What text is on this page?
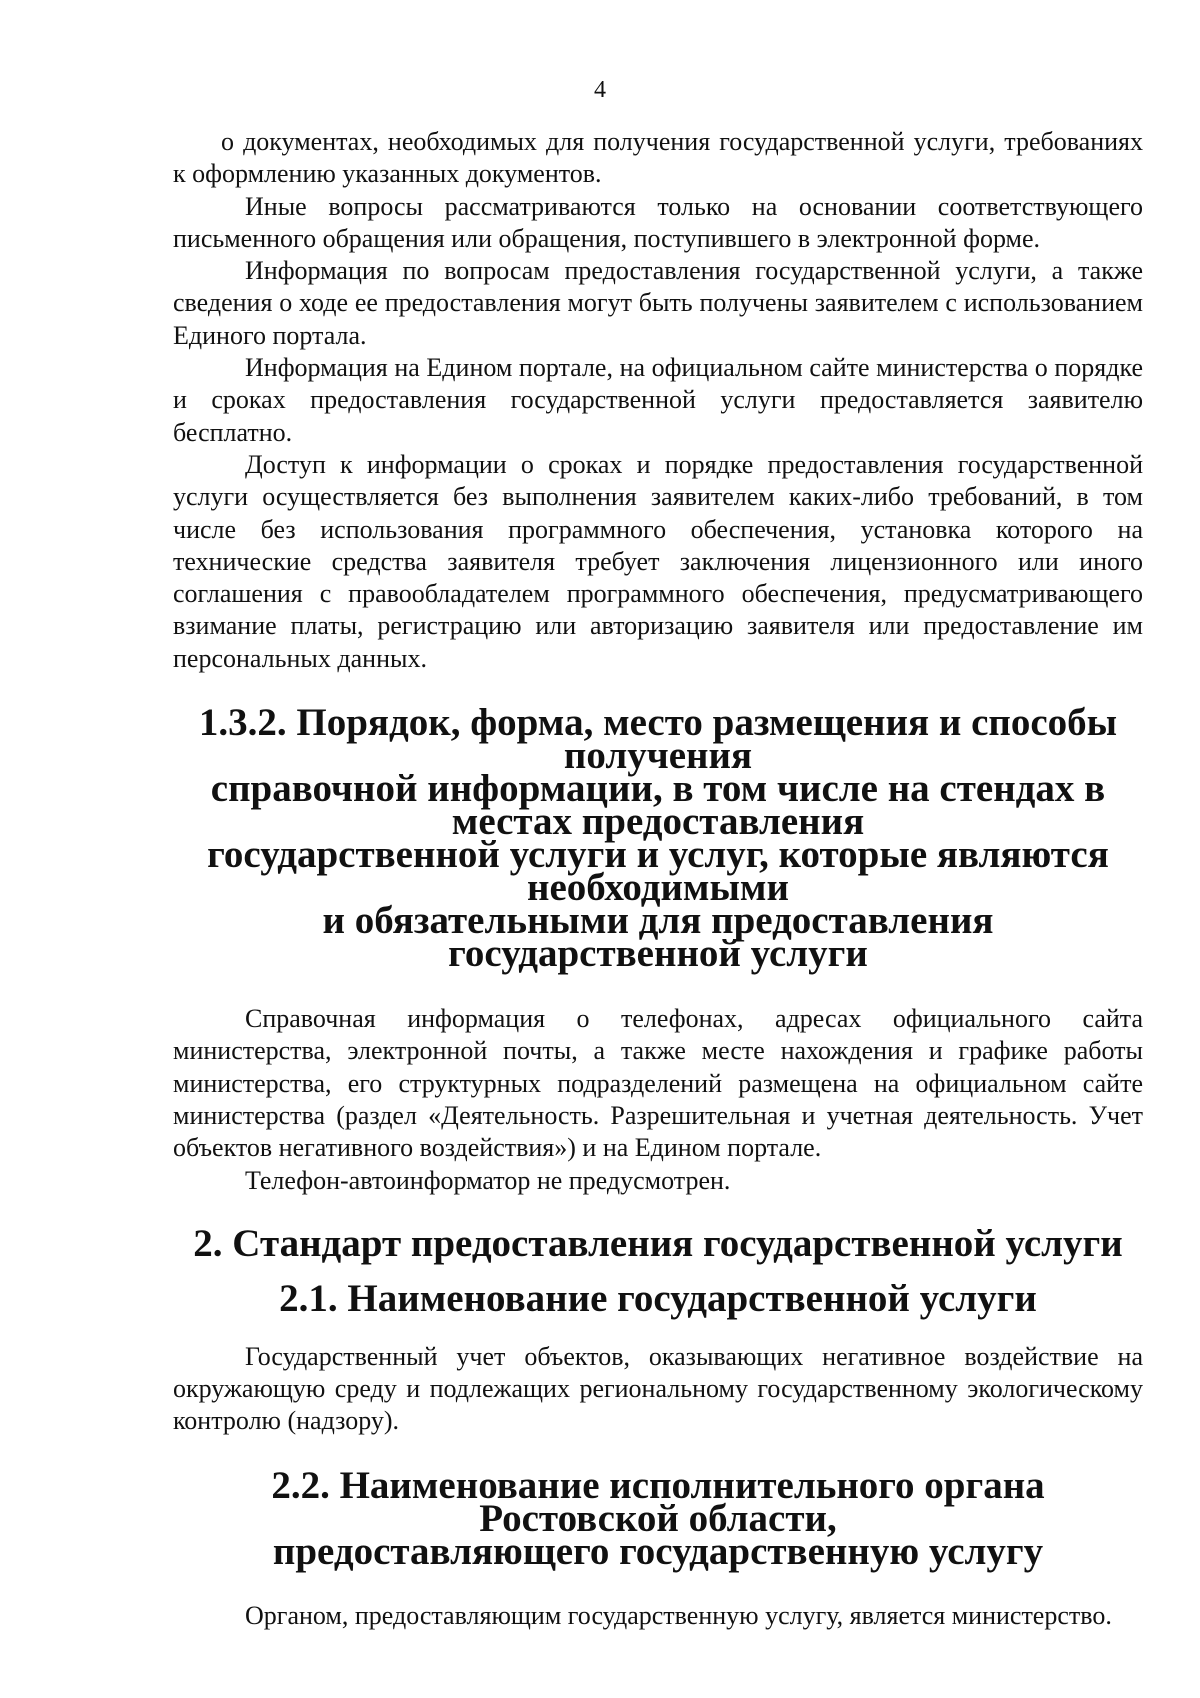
4

о документах, необходимых для получения государственной услуги, требованиях к оформлению указанных документов.

Иные вопросы рассматриваются только на основании соответствующего письменного обращения или обращения, поступившего в электронной форме.

Информация по вопросам предоставления государственной услуги, а также сведения о ходе ее предоставления могут быть получены заявителем с использованием Единого портала.

Информация на Едином портале, на официальном сайте министерства о порядке и сроках предоставления государственной услуги предоставляется заявителю бесплатно.

Доступ к информации о сроках и порядке предоставления государственной услуги осуществляется без выполнения заявителем каких-либо требований, в том числе без использования программного обеспечения, установка которого на технические средства заявителя требует заключения лицензионного или иного соглашения с правообладателем программного обеспечения, предусматривающего взимание платы, регистрацию или авторизацию заявителя или предоставление им персональных данных.

1.3.2. Порядок, форма, место размещения и способы получения
справочной информации, в том числе на стендах в местах предоставления
государственной услуги и услуг, которые являются необходимыми
и обязательными для предоставления государственной услуги

Справочная информация о телефонах, адресах официального сайта министерства, электронной почты, а также месте нахождения и графике работы министерства, его структурных подразделений размещена на официальном сайте министерства (раздел «Деятельность. Разрешительная и учетная деятельность. Учет объектов негативного воздействия») и на Едином портале.

Телефон-автоинформатор не предусмотрен.

2. Стандарт предоставления государственной услуги
2.1. Наименование государственной услуги

Государственный учет объектов, оказывающих негативное воздействие на окружающую среду и подлежащих региональному государственному экологическому контролю (надзору).

2.2. Наименование исполнительного органа Ростовской области,
предоставляющего государственную услугу

Органом, предоставляющим государственную услугу, является министерство.
